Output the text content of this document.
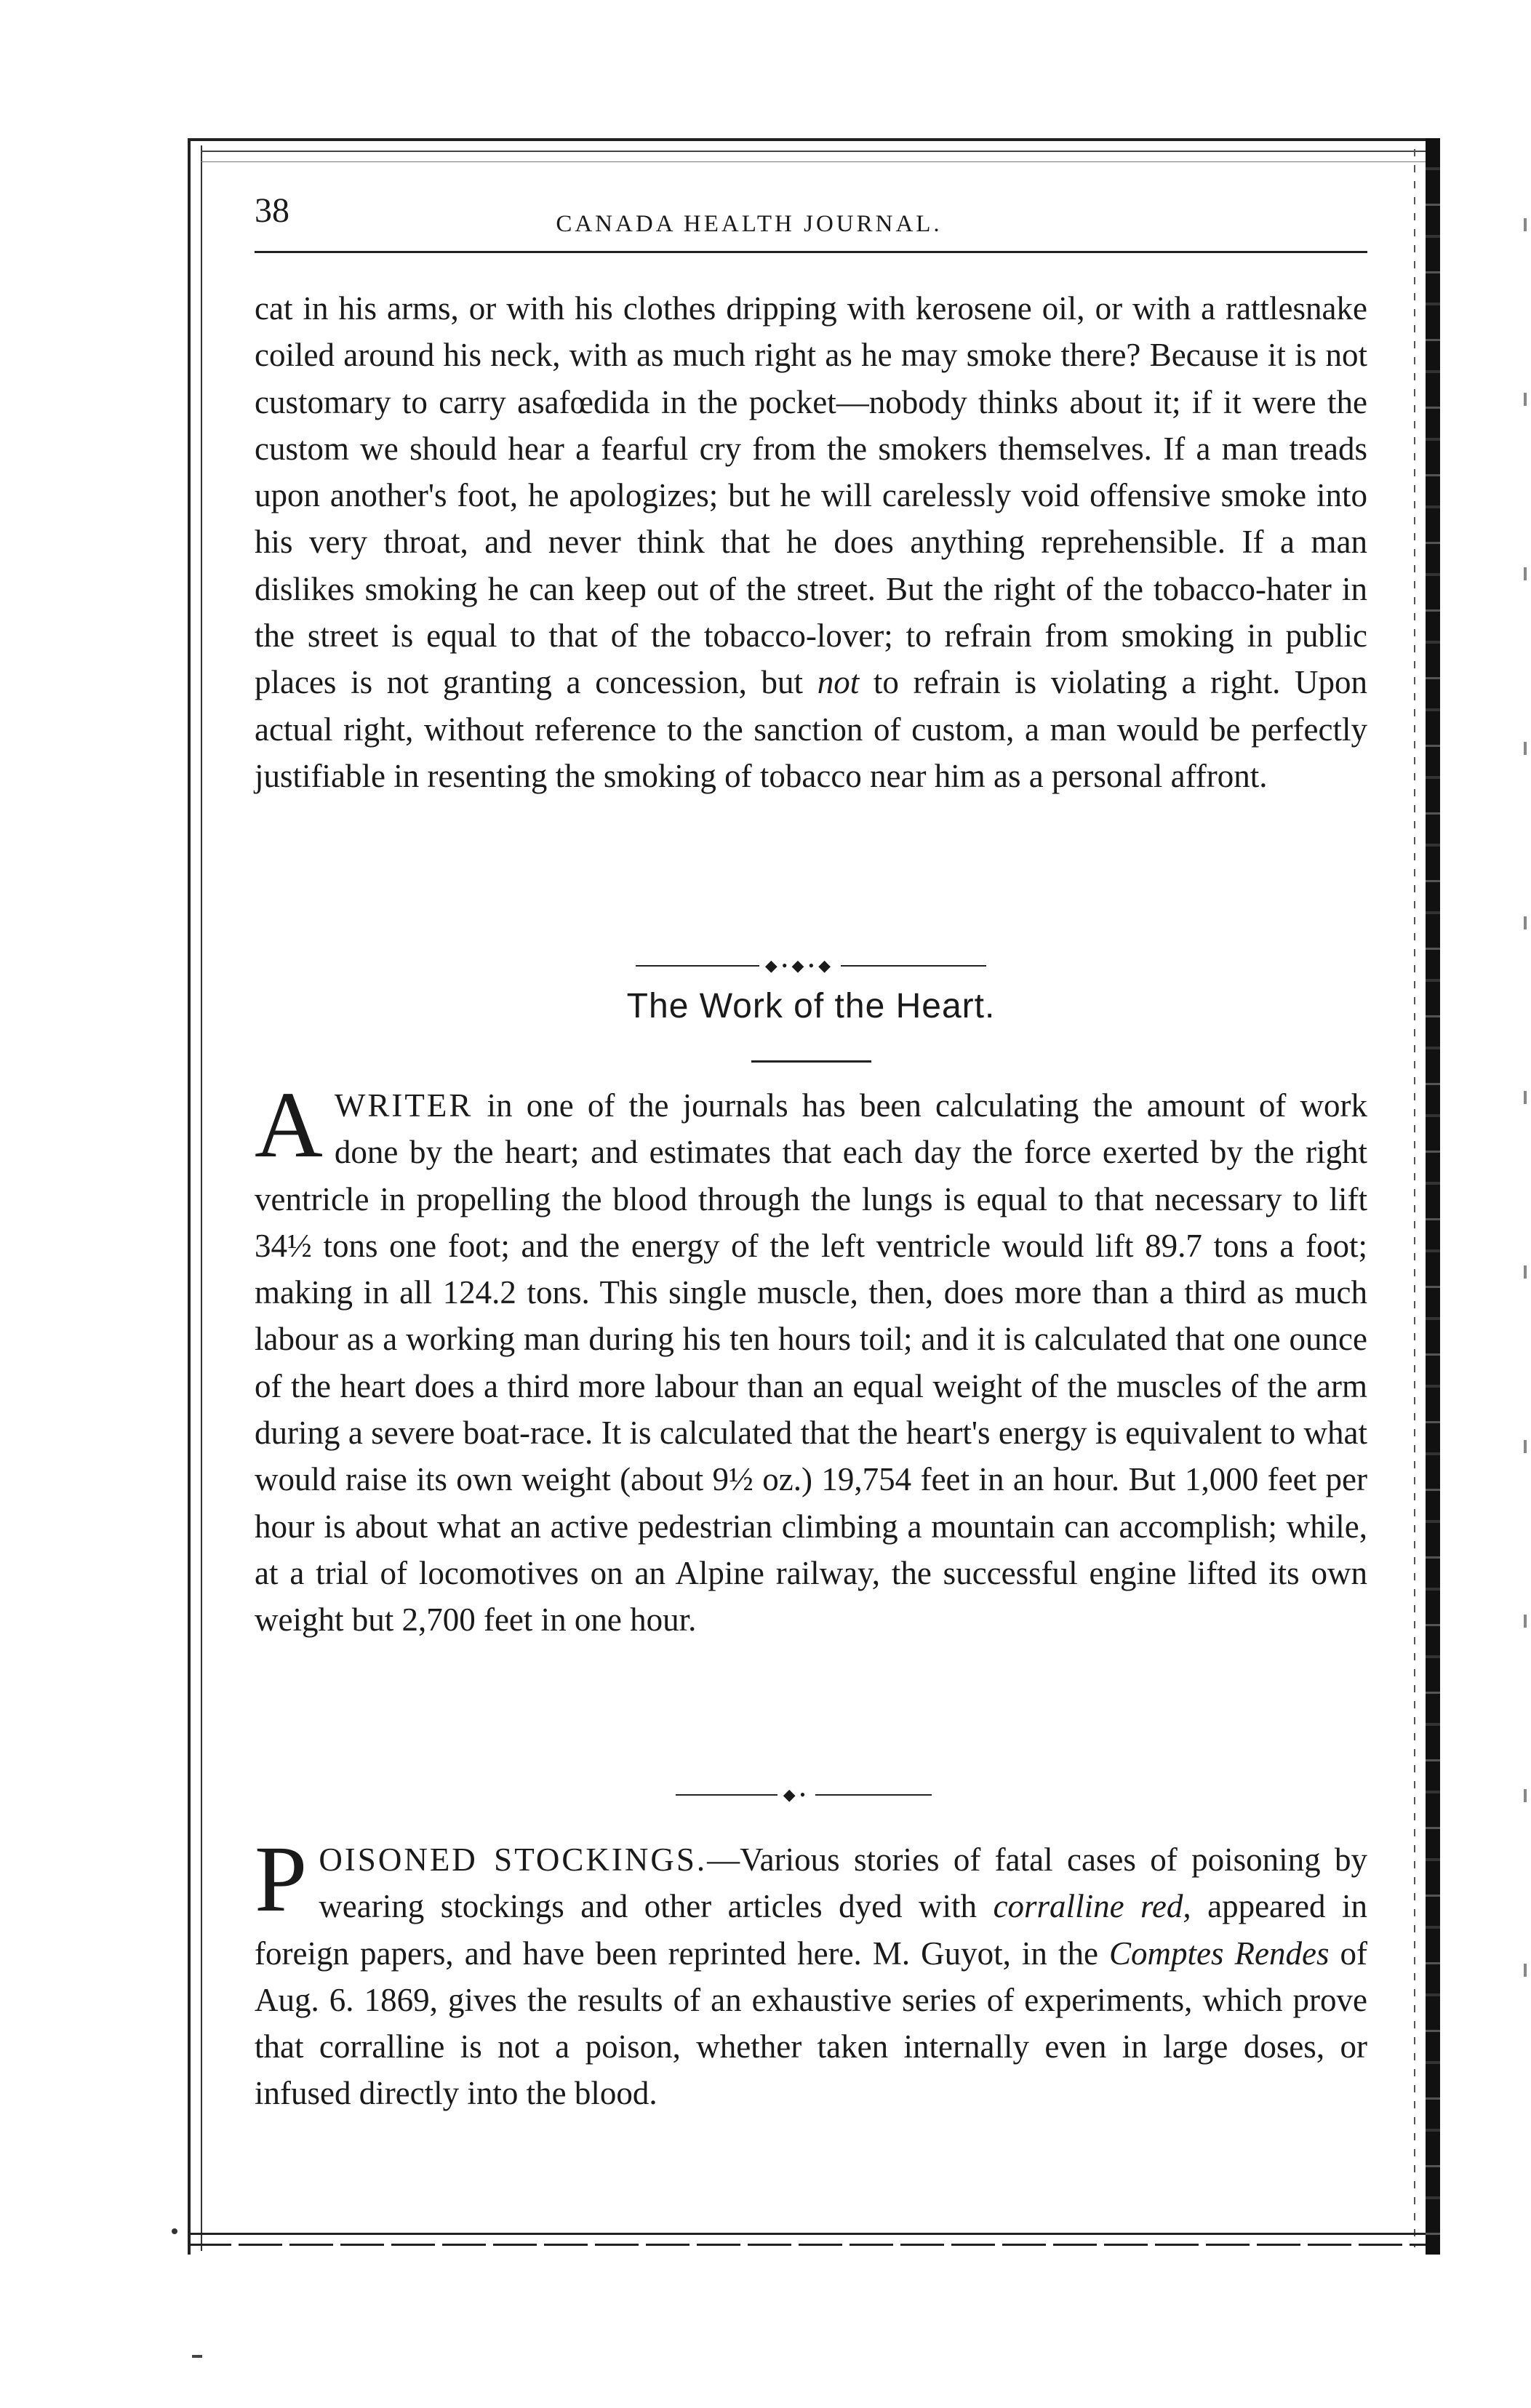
38	CANADA HEALTH JOURNAL.

cat in his arms, or with his clothes dripping with kerosene oil, or with a rattlesnake coiled around his neck, with as much right as he may smoke there? Because it is not customary to carry asafœdida in the pocket—nobody thinks about it; if it were the custom we should hear a fearful cry from the smokers themselves. If a man treads upon another's foot, he apologizes; but he will carelessly void offensive smoke into his very throat, and never think that he does anything reprehensible. If a man dislikes smoking he can keep out of the street. But the right of the tobacco-hater in the street is equal to that of the tobacco-lover; to refrain from smoking in public places is not granting a concession, but not to refrain is violating a right. Upon actual right, without reference to the sanction of custom, a man would be perfectly justifiable in resenting the smoking of tobacco near him as a personal affront.

◆•◆•◆
The Work of the Heart.

AWRITER in one of the journals has been calculating the amount of work done by the heart; and estimates that each day the force exerted by the right ventricle in propelling the blood through the lungs is equal to that necessary to lift 34½ tons one foot; and the energy of the left ventricle would lift 89.7 tons a foot; making in all 124.2 tons. This single muscle, then, does more than a third as much labour as a working man during his ten hours toil; and it is calculated that one ounce of the heart does a third more labour than an equal weight of the muscles of the arm during a severe boat-race. It is calculated that the heart's energy is equivalent to what would raise its own weight (about 9½ oz.) 19,754 feet in an hour. But 1,000 feet per hour is about what an active pedestrian climbing a mountain can accomplish; while, at a trial of locomotives on an Alpine railway, the successful engine lifted its own weight but 2,700 feet in one hour.

◆•

POISONED STOCKINGS.—Various stories of fatal cases of poisoning by wearing stockings and other articles dyed with corralline red, appeared in foreign papers, and have been reprinted here. M. Guyot, in the Comptes Rendes of Aug. 6. 1869, gives the results of an exhaustive series of experiments, which prove that corralline is not a poison, whether taken internally even in large doses, or infused directly into the blood.
